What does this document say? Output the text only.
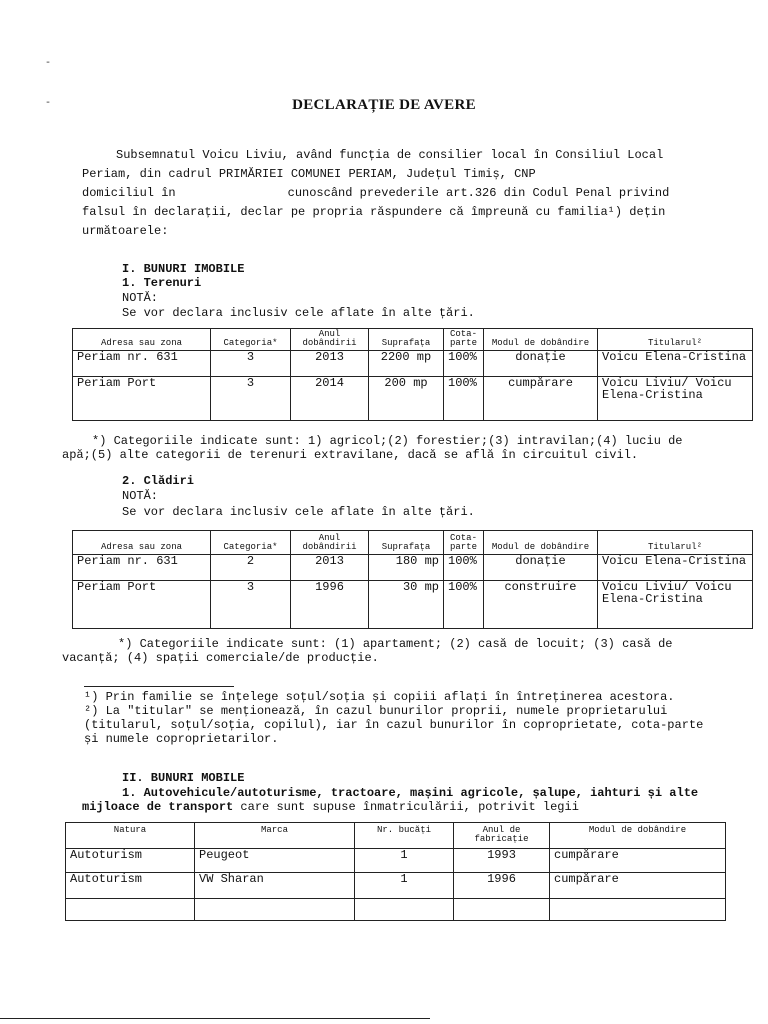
-
-	DECLARAȚIE DE AVERE
Subsemnatul Voicu Liviu, având funcția de consilier local în Consiliul Local
Periam, din cadrul PRIMĂRIEI COMUNEI PERIAM, Județul Timiș, CNP
domiciliul în	cunoscând prevederile art.326 din Codul Penal privind
falsul în declarații, declar pe propria răspundere că împreună cu familia¹) dețin
următoarele:
I. BUNURI IMOBILE
1. Terenuri
NOTĂ:
Se vor declara inclusiv cele aflate în alte țări.
Adresa sau zona	Categoria*	Anul dobândirii	Suprafața	Cota-parte	Modul de dobândire	Titularul²
Periam nr. 631	3	2013	2200 mp	100%	donație	Voicu Elena-Cristina
Periam Port	3	2014	200 mp	100%	cumpărare	Voicu Liviu/ Voicu Elena-Cristina
*) Categoriile indicate sunt: 1) agricol;(2) forestier;(3) intravilan;(4) luciu de
apă;(5) alte categorii de terenuri extravilane, dacă se află în circuitul civil.
2. Clădiri
NOTĂ:
Se vor declara inclusiv cele aflate în alte țări.
Adresa sau zona	Categoria*	Anul dobândirii	Suprafața	Cota-parte	Modul de dobândire	Titularul²
Periam nr. 631	2	2013	180 mp	100%	donație	Voicu Elena-Cristina
Periam Port	3	1996	30 mp	100%	construire	Voicu Liviu/ Voicu Elena-Cristina
*) Categoriile indicate sunt: (1) apartament; (2) casă de locuit; (3) casă de
vacanță; (4) spații comerciale/de producție.
¹) Prin familie se înțelege soțul/soția și copiii aflați în întreținerea acestora.
²) La "titular" se menționează, în cazul bunurilor proprii, numele proprietarului
(titularul, soțul/soția, copilul), iar în cazul bunurilor în coproprietate, cota-parte
și numele coproprietarilor.
II. BUNURI MOBILE
1. Autovehicule/autoturisme, tractoare, mașini agricole, șalupe, iahturi și alte
mijloace de transport care sunt supuse înmatriculării, potrivit legii
Natura	Marca	Nr. bucăți	Anul de fabricație	Modul de dobândire
Autoturism	Peugeot	1	1993	cumpărare
Autoturism	VW Sharan	1	1996	cumpărare
